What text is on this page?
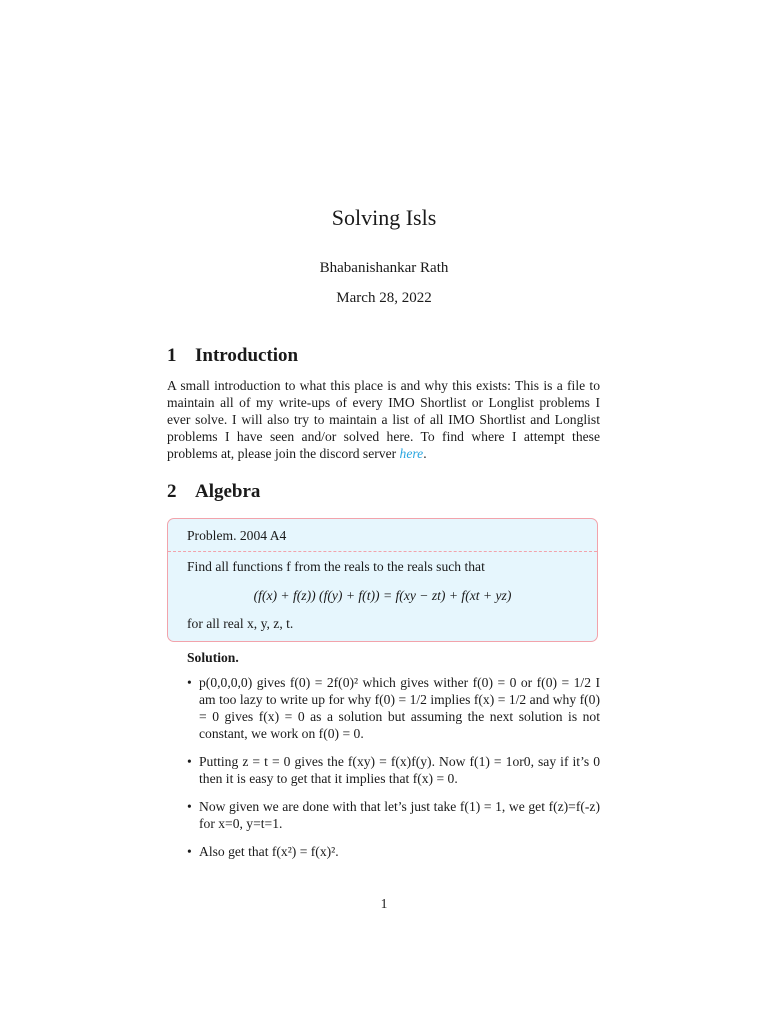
Solving Isls
Bhabanishankar Rath
March 28, 2022
1 Introduction
A small introduction to what this place is and why this exists: This is a file to maintain all of my write-ups of every IMO Shortlist or Longlist problems I ever solve. I will also try to maintain a list of all IMO Shortlist and Longlist problems I have seen and/or solved here. To find where I attempt these problems at, please join the discord server here.
2 Algebra
Problem. 2004 A4
Find all functions f from the reals to the reals such that
(f(x) + f(z)) (f(y) + f(t)) = f(xy − zt) + f(xt + yz)
for all real x, y, z, t.
Solution.
• p(0,0,0,0) gives f(0) = 2f(0)² which gives wither f(0) = 0 or f(0) = 1/2 I am too lazy to write up for why f(0) = 1/2 implies f(x) = 1/2 and why f(0) = 0 gives f(x) = 0 as a solution but assuming the next solution is not constant, we work on f(0) = 0.
• Putting z = t = 0 gives the f(xy) = f(x)f(y). Now f(1) = 1or0, say if it’s 0 then it is easy to get that it implies that f(x) = 0.
• Now given we are done with that let’s just take f(1) = 1, we get f(z)=f(-z) for x=0, y=t=1.
• Also get that f(x²) = f(x)².
1
